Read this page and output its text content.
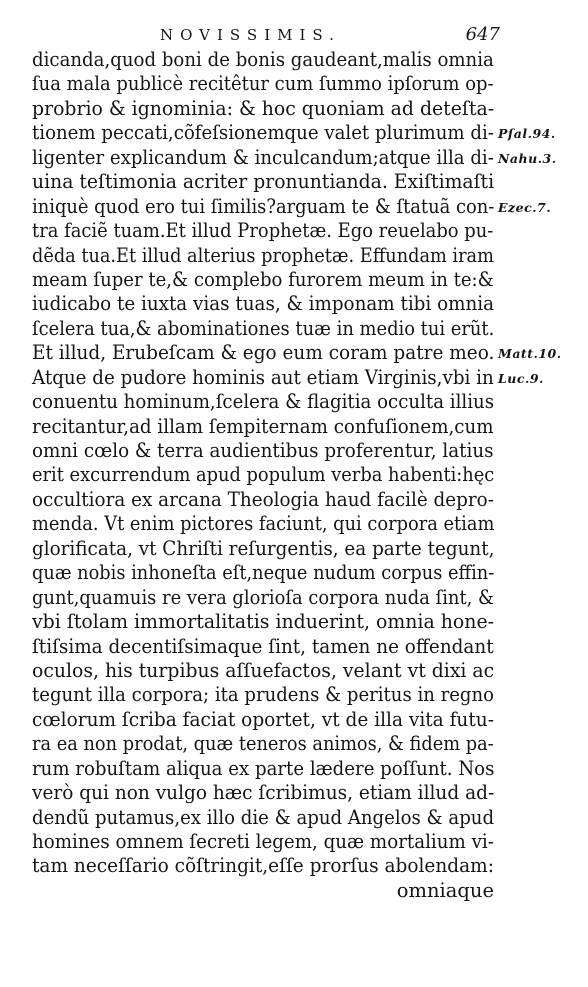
NOVISSIMIS.	647
dicanda,quod boni de bonis gaudeant,malis omnia
ſua mala publicè recitêtur cum ſummo ipſorum op-
probrio & ignominia: & hoc quoniam ad deteſta-
tionem peccati,cõfeſsionemque valet plurimum di-
ligenter explicandum & inculcandum;atque illa di-
uina teſtimonia acriter pronuntianda. Exiſtimaſti
iniquè quod ero tui ſimilis?arguam te & ſtatuã con-
tra faciẽ tuam.Et illud Prophetæ. Ego reuelabo pu-
dẽda tua.Et illud alterius prophetæ. Effundam iram
meam ſuper te,& complebo furorem meum in te:&
iudicabo te iuxta vias tuas, & imponam tibi omnia
ſcelera tua,& abominationes tuæ in medio tui erũt.
Et illud, Erubeſcam & ego eum coram patre meo.
Atque de pudore hominis aut etiam Virginis,vbi in
conuentu hominum,ſcelera & flagitia occulta illius
recitantur,ad illam ſempiternam confuſionem,cum
omni cœlo & terra audientibus proferentur, latius
erit excurrendum apud populum verba habenti:hęc
occultiora ex arcana Theologia haud facilè depro-
menda. Vt enim pictores faciunt, qui corpora etiam
glorificata, vt Chriſti reſurgentis, ea parte tegunt,
quæ nobis inhoneſta eſt,neque nudum corpus effin-
gunt,quamuis re vera glorioſa corpora nuda ſint, &
vbi ſtolam immortalitatis induerint, omnia hone-
ſtiſsima decentiſsimaque ſint, tamen ne offendant
oculos, his turpibus aſſuefactos, velant vt dixi ac
tegunt illa corpora; ita prudens & peritus in regno
cœlorum ſcriba faciat oportet, vt de illa vita futu-
ra ea non prodat, quæ teneros animos, & fidem pa-
rum robuſtam aliqua ex parte lædere poſſunt. Nos
verò qui non vulgo hæc ſcribimus, etiam illud ad-
dendũ putamus,ex illo die & apud Angelos & apud
homines omnem ſecreti legem, quæ mortalium vi-
tam neceſſario cõſtringit,eſſe prorſus abolendam:
omniaque
Pſal.94.
Nahu.3.
Ezec.7.
Matt.10.
Luc.9.
